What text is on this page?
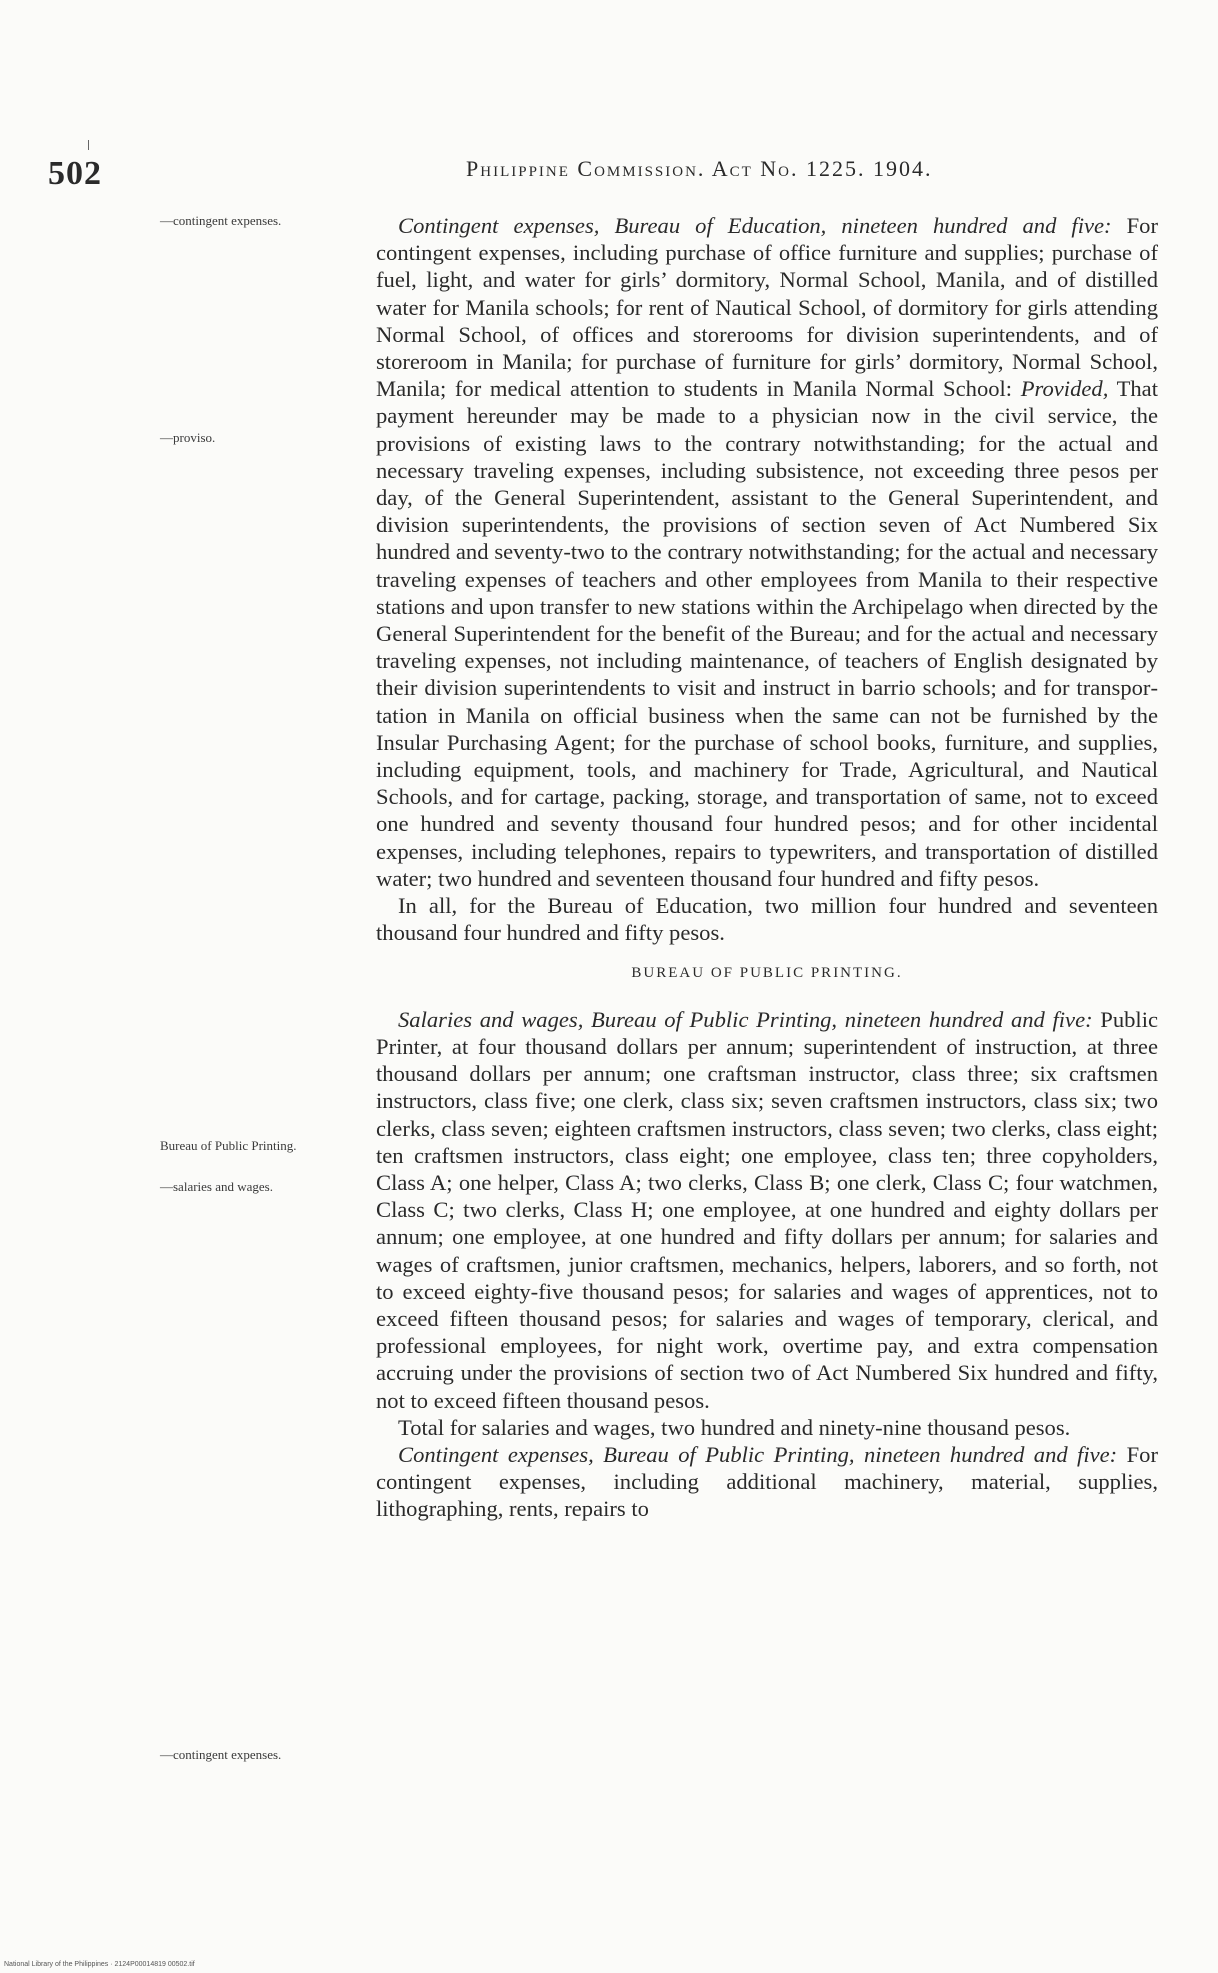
502	Philippine Commission. Act No. 1225. 1904.
—contingent expenses.
—proviso.
Bureau of Public Printing.
—salaries and wages.
—contingent expenses.

Contingent expenses, Bureau of Education, nineteen hundred and five: For contingent expenses, including purchase of office furniture and supplies; purchase of fuel, light, and water for girls’ dormitory, Normal School, Manila, and of distilled water for Manila schools; for rent of Nautical School, of dormitory for girls attending Normal School, of offices and storerooms for division superintendents, and of storeroom in Manila; for purchase of furniture for girls’ dormitory, Normal School, Manila; for medical attention to students in Manila Normal School: Provided, That payment hereunder may be made to a physician now in the civil service, the provisions of existing laws to the contrary notwithstanding; for the actual and necessary traveling expenses, including subsistence, not exceeding three pesos per day, of the General Superintendent, assistant to the General Superintendent, and division superintendents, the provisions of section seven of Act Numbered Six hundred and seventy-two to the contrary notwithstanding; for the actual and necessary traveling expenses of teachers and other employees from Manila to their respective stations and upon transfer to new stations within the Archipelago when directed by the General Superintendent for the benefit of the Bureau; and for the actual and necessary traveling expenses, not including maintenance, of teachers of English designated by their division superintendents to visit and instruct in barrio schools; and for transportation in Manila on official business when the same can not be furnished by the Insular Purchasing Agent; for the purchase of school books, furniture, and supplies, including equipment, tools, and machinery for Trade, Agricultural, and Nautical Schools, and for cartage, packing, storage, and transportation of same, not to exceed one hundred and seventy thousand four hundred pesos; and for other incidental expenses, including telephones, repairs to typewriters, and transportation of distilled water; two hundred and seventeen thousand four hundred and fifty pesos.

In all, for the Bureau of Education, two million four hundred and seventeen thousand four hundred and fifty pesos.

BUREAU OF PUBLIC PRINTING.

Salaries and wages, Bureau of Public Printing, nineteen hundred and five: Public Printer, at four thousand dollars per annum; superintendent of instruction, at three thousand dollars per annum; one craftsman instructor, class three; six craftsmen instructors, class five; one clerk, class six; seven craftsmen instructors, class six; two clerks, class seven; eighteen craftsmen instructors, class seven; two clerks, class eight; ten craftsmen instructors, class eight; one employee, class ten; three copyholders, Class A; one helper, Class A; two clerks, Class B; one clerk, Class C; four watchmen, Class C; two clerks, Class H; one employee, at one hundred and eighty dollars per annum; one employee, at one hundred and fifty dollars per annum; for salaries and wages of craftsmen, junior craftsmen, mechanics, helpers, laborers, and so forth, not to exceed eighty-five thousand pesos; for salaries and wages of apprentices, not to exceed fifteen thousand pesos; for salaries and wages of temporary, clerical, and professional employees, for night work, overtime pay, and extra compensation accruing under the provisions of section two of Act Numbered Six hundred and fifty, not to exceed fifteen thousand pesos.

Total for salaries and wages, two hundred and ninety-nine thousand pesos.

Contingent expenses, Bureau of Public Printing, nineteen hundred and five: For contingent expenses, including additional machinery, material, supplies, lithographing, rents, repairs to

National Library of the Philippines · 2124P00014819 00502.tif
